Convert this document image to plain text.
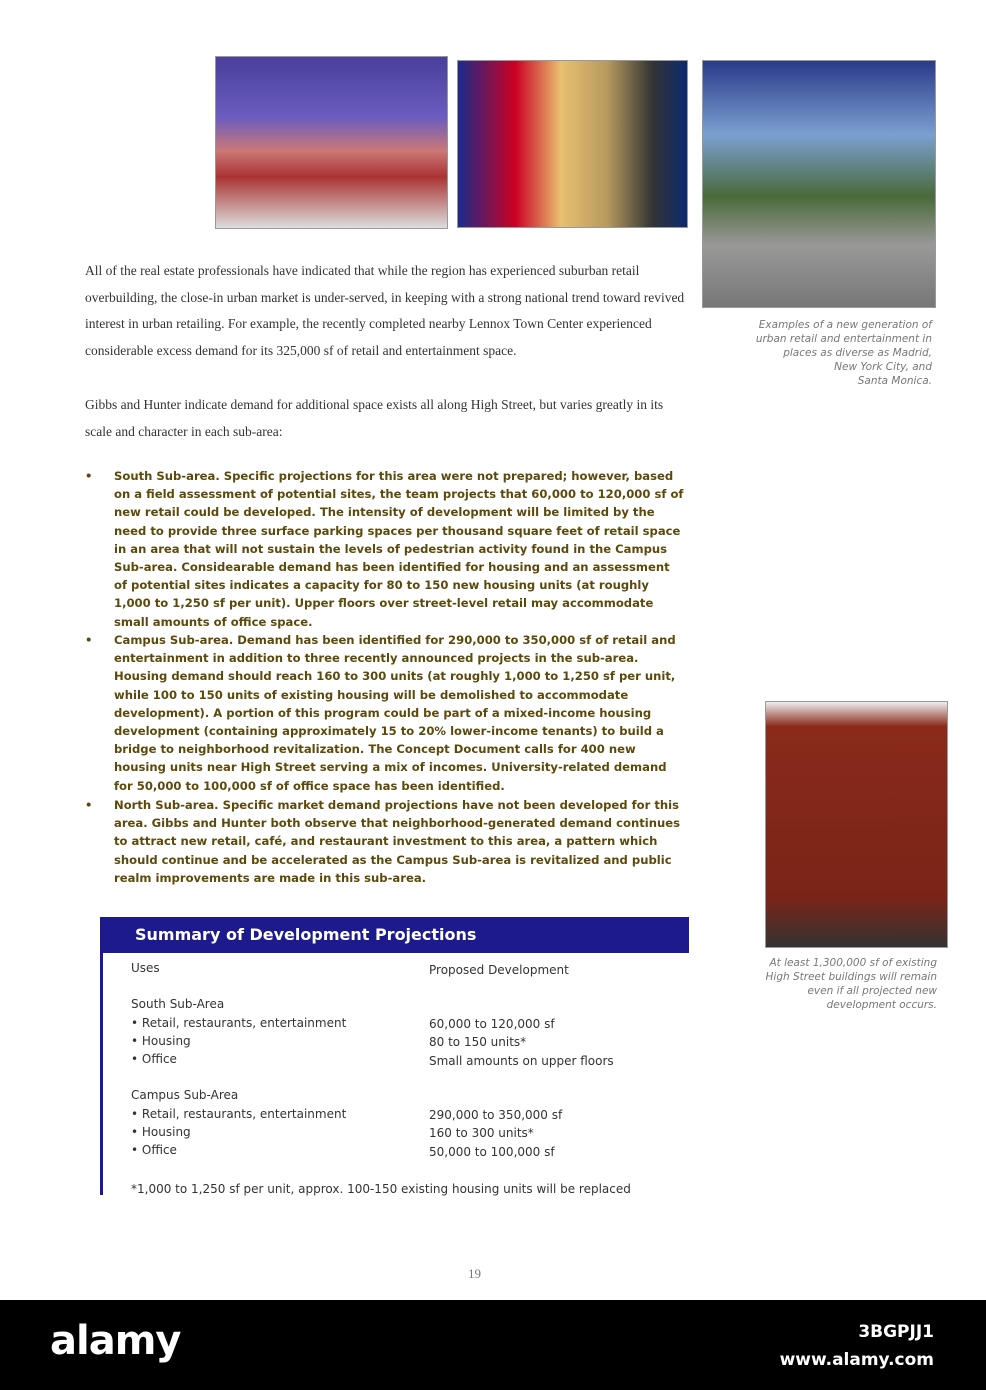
Examples of a new generation of
urban retail and entertainment in
places as diverse as Madrid,
New York City, and
Santa Monica.
All of the real estate professionals have indicated that while the region has experienced suburban retail overbuilding, the close-in urban market is under-served, in keeping with a strong national trend toward revived interest in urban retailing. For example, the recently completed nearby Lennox Town Center experienced considerable excess demand for its 325,000 sf of retail and entertainment space.
Gibbs and Hunter indicate demand for additional space exists all along High Street, but varies greatly in its scale and character in each sub-area:
• South Sub-area. Specific projections for this area were not prepared; however, based on a field assessment of potential sites, the team projects that 60,000 to 120,000 sf of new retail could be developed. The intensity of development will be limited by the need to provide three surface parking spaces per thousand square feet of retail space in an area that will not sustain the levels of pedestrian activity found in the Campus Sub-area. Considearable demand has been identified for housing and an assessment of potential sites indicates a capacity for 80 to 150 new housing units (at roughly 1,000 to 1,250 sf per unit). Upper floors over street-level retail may accommodate small amounts of office space.
• Campus Sub-area. Demand has been identified for 290,000 to 350,000 sf of retail and entertainment in addition to three recently announced projects in the sub-area. Housing demand should reach 160 to 300 units (at roughly 1,000 to 1,250 sf per unit, while 100 to 150 units of existing housing will be demolished to accommodate development). A portion of this program could be part of a mixed-income housing development (containing approximately 15 to 20% lower-income tenants) to build a bridge to neighborhood revitalization. The Concept Document calls for 400 new housing units near High Street serving a mix of incomes. University-related demand for 50,000 to 100,000 sf of office space has been identified.
• North Sub-area. Specific market demand projections have not been developed for this area. Gibbs and Hunter both observe that neighborhood-generated demand continues to attract new retail, café, and restaurant investment to this area, a pattern which should continue and be accelerated as the Campus Sub-area is revitalized and public realm improvements are made in this sub-area.
At least 1,300,000 sf of existing
High Street buildings will remain
even if all projected new
development occurs.
Summary of Development Projections
Uses	Proposed Development
South Sub-Area
• Retail, restaurants, entertainment	60,000 to 120,000 sf
• Housing	80 to 150 units*
• Office	Small amounts on upper floors
Campus Sub-Area
• Retail, restaurants, entertainment	290,000 to 350,000 sf
• Housing	160 to 300 units*
• Office	50,000 to 100,000 sf
*1,000 to 1,250 sf per unit, approx. 100-150 existing housing units will be replaced
19
alamy	3BGPJJ1
www.alamy.com
